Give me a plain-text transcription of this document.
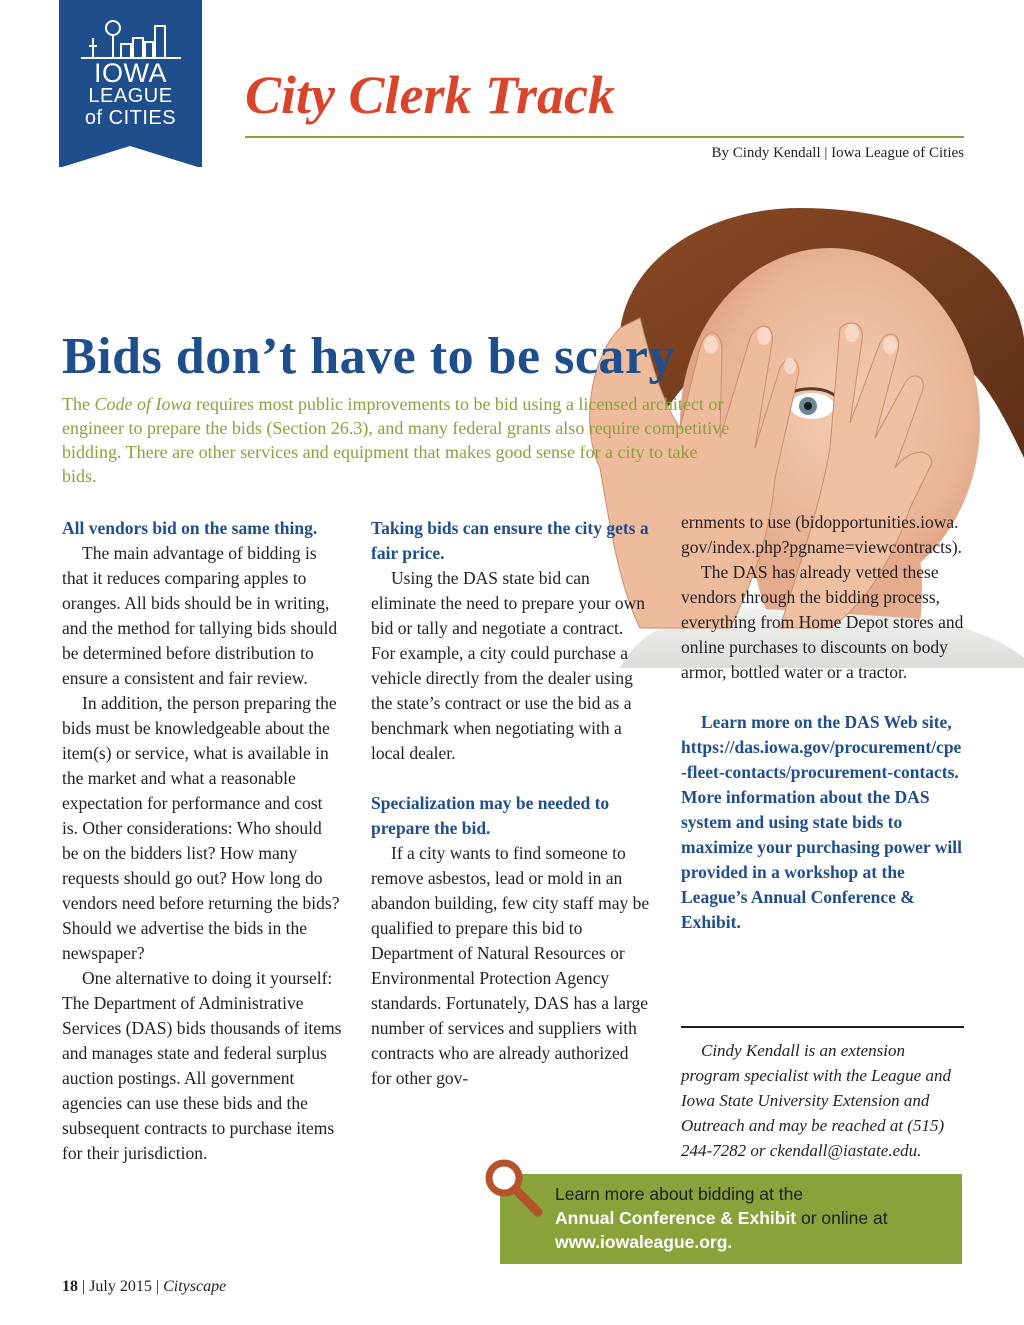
IOWA
LEAGUE
of CITIES	City Clerk Track
By Cindy Kendall | Iowa League of Cities
Bids don’t have to be scary
The Code of Iowa requires most public improvements to be bid using a licensed architect or engineer to prepare the bids (Section 26.3), and many federal grants also require competitive bidding. There are other services and equipment that makes good sense for a city to take bids.
All vendors bid on the same thing.
The main advantage of bidding is that it reduces comparing apples to oranges. All bids should be in writing, and the method for tallying bids should be determined before distribution to ensure a consistent and fair review.
In addition, the person preparing the bids must be knowledgeable about the item(s) or service, what is available in the market and what a reasonable expectation for performance and cost is. Other considerations: Who should be on the bidders list? How many requests should go out? How long do vendors need before returning the bids? Should we advertise the bids in the newspaper?
One alternative to doing it yourself: The Department of Administrative Services (DAS) bids thousands of items and manages state and federal surplus auction postings. All government agencies can use these bids and the subsequent contracts to purchase items for their jurisdiction.
Taking bids can ensure the city gets a fair price.
Using the DAS state bid can eliminate the need to prepare your own bid or tally and negotiate a contract. For example, a city could purchase a vehicle directly from the dealer using the state’s contract or use the bid as a benchmark when negotiating with a local dealer.
Specialization may be needed to prepare the bid.
If a city wants to find someone to remove asbestos, lead or mold in an abandon building, few city staff may be qualified to prepare this bid to Department of Natural Resources or Environmental Protection Agency standards. Fortunately, DAS has a large number of services and suppliers with contracts who are already authorized for other gov-
ernments to use (bidopportunities.iowa.gov/index.php?pgname=viewcontracts).
The DAS has already vetted these vendors through the bidding process, everything from Home Depot stores and online purchases to discounts on body armor, bottled water or a tractor.
Learn more on the DAS Web site, https://das.iowa.gov/procurement/cpe-fleet-contacts/procurement-contacts. More information about the DAS system and using state bids to maximize your purchasing power will provided in a workshop at the League’s Annual Conference & Exhibit.
Cindy Kendall is an extension program specialist with the League and Iowa State University Extension and Outreach and may be reached at (515) 244-7282 or ckendall@iastate.edu.
Learn more about bidding at the
Annual Conference & Exhibit or online at
www.iowaleague.org.
18 | July 2015 | Cityscape
